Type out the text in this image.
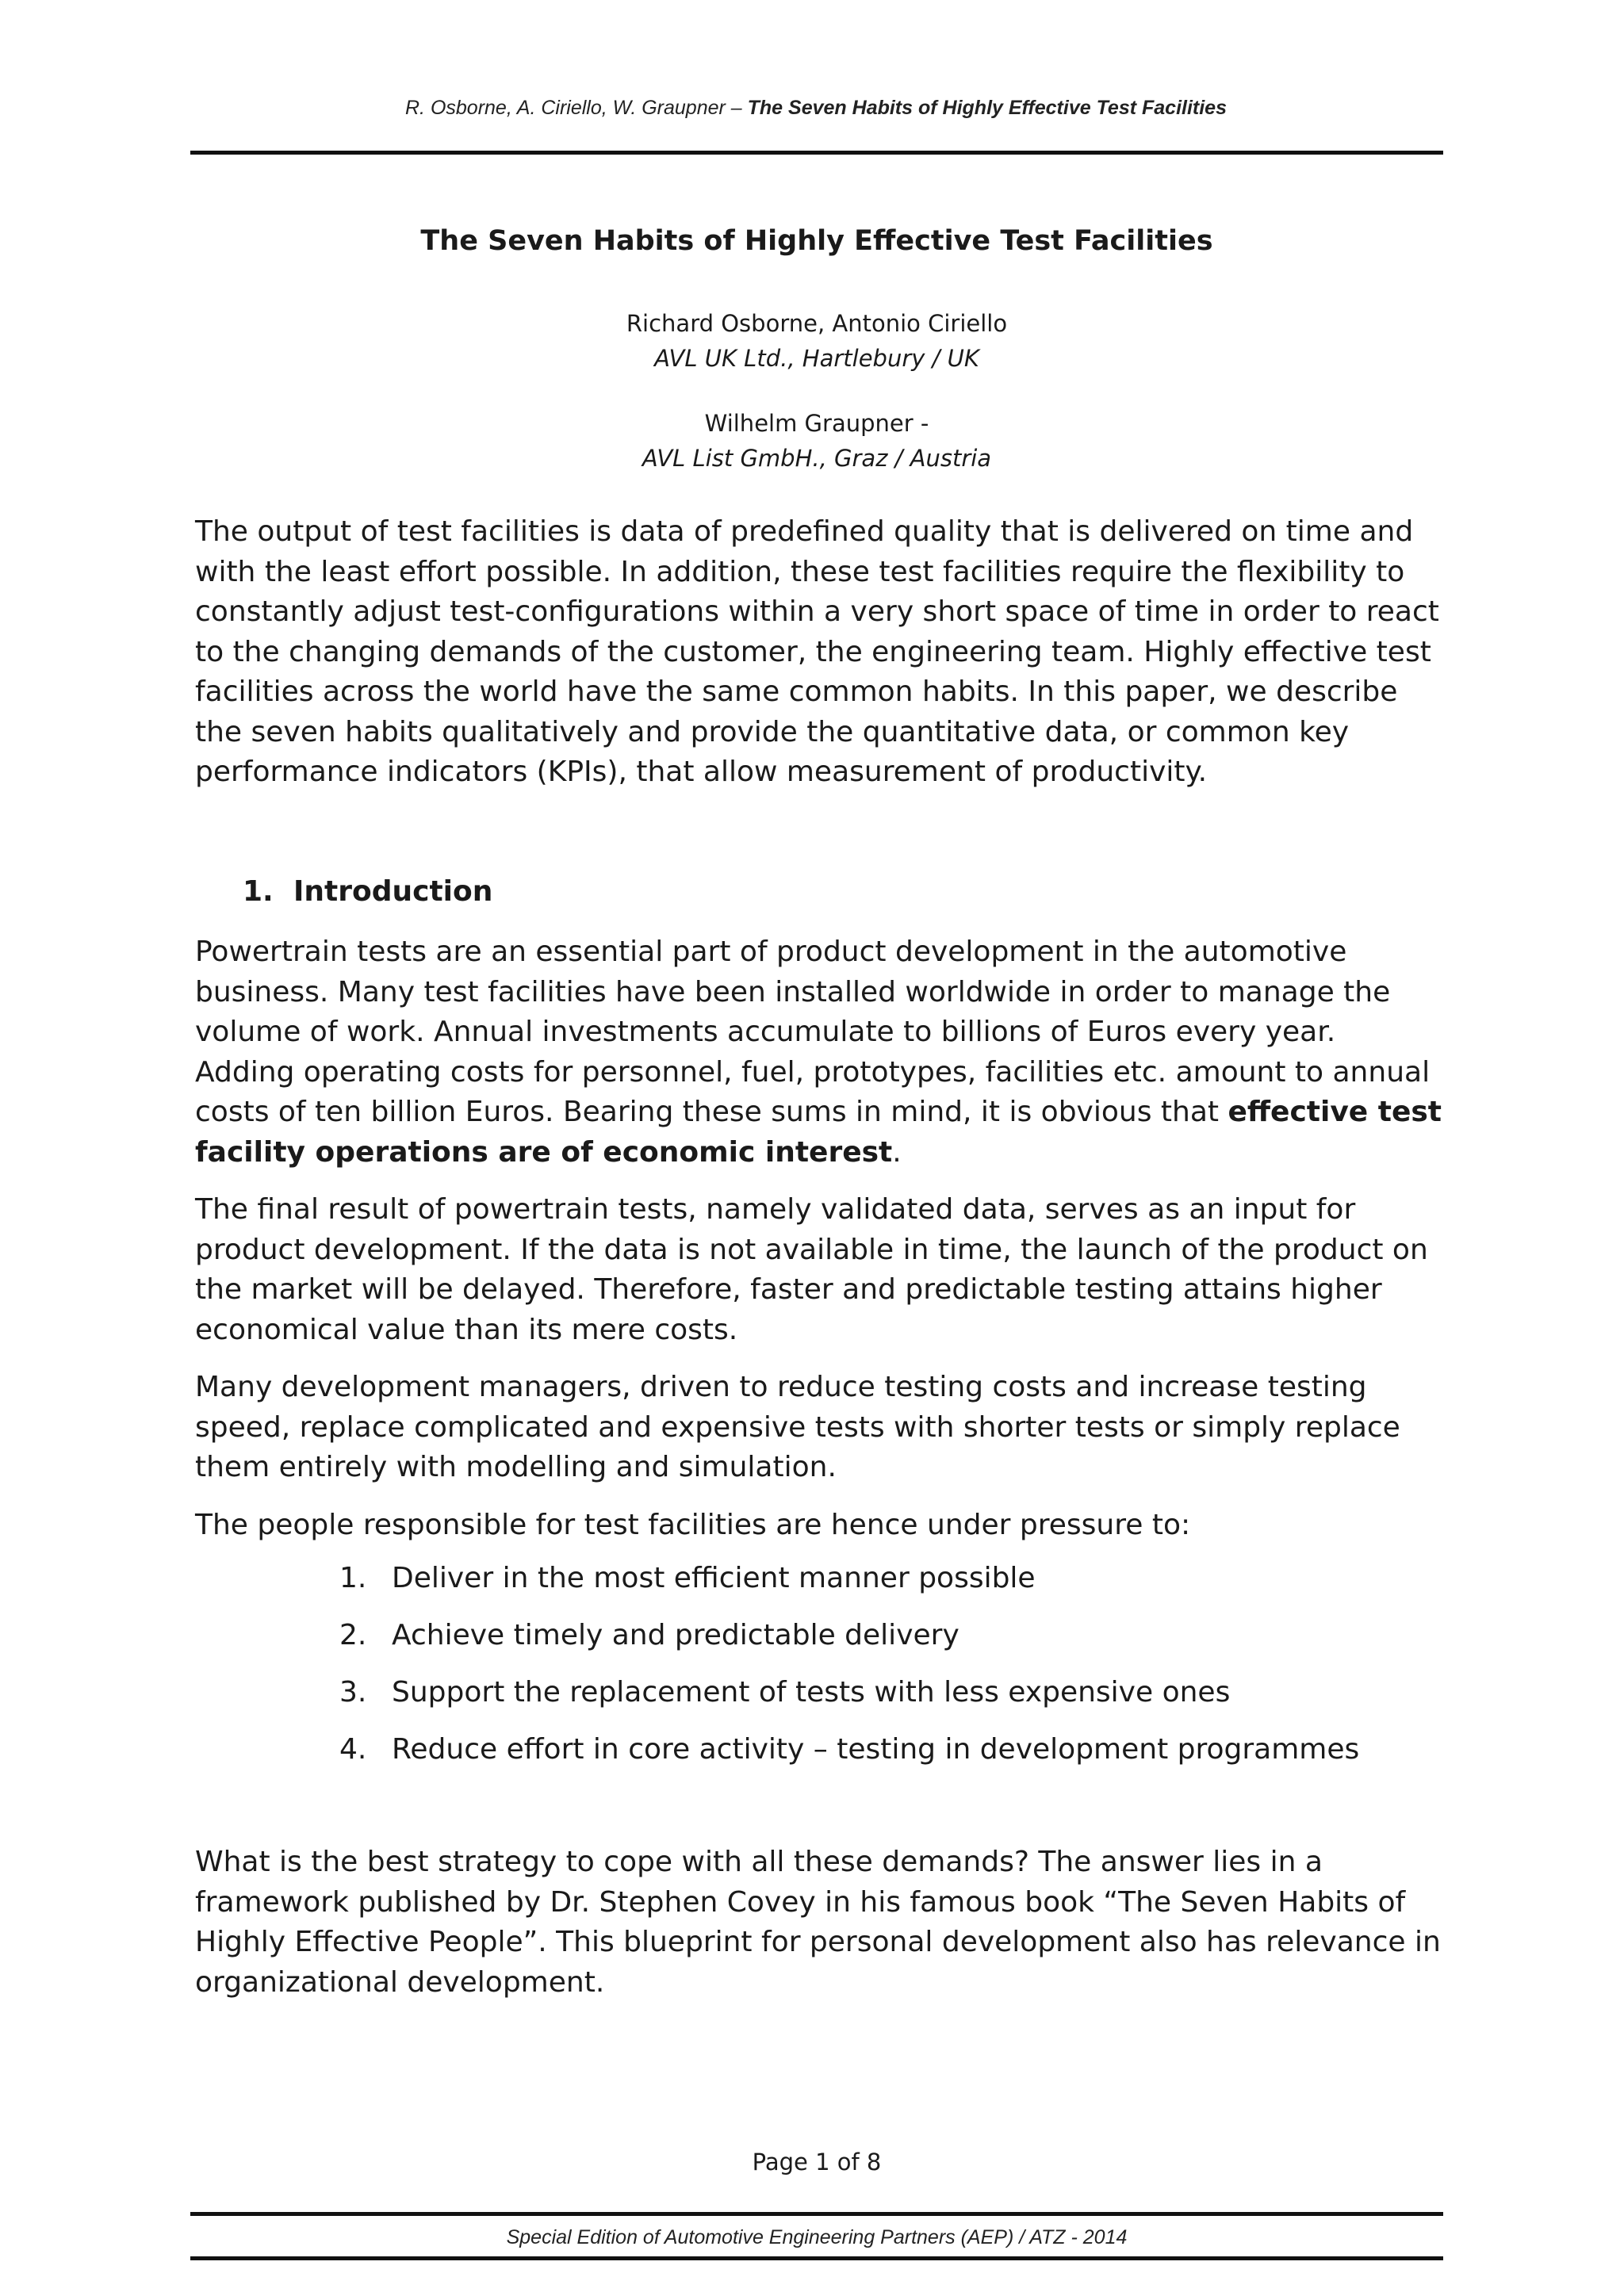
R. Osborne, A. Ciriello, W. Graupner – The Seven Habits of Highly Effective Test Facilities
The Seven Habits of Highly Effective Test Facilities
Richard Osborne, Antonio Ciriello
AVL UK Ltd., Hartlebury / UK
Wilhelm Graupner -
AVL List GmbH., Graz / Austria

The output of test facilities is data of predefined quality that is delivered on time and with the least effort possible. In addition, these test facilities require the flexibility to constantly adjust test-configurations within a very short space of time in order to react to the changing demands of the customer, the engineering team. Highly effective test facilities across the world have the same common habits. In this paper, we describe the seven habits qualitatively and provide the quantitative data, or common key performance indicators (KPIs), that allow measurement of productivity.

1. Introduction

Powertrain tests are an essential part of product development in the automotive business. Many test facilities have been installed worldwide in order to manage the volume of work. Annual investments accumulate to billions of Euros every year. Adding operating costs for personnel, fuel, prototypes, facilities etc. amount to annual costs of ten billion Euros. Bearing these sums in mind, it is obvious that effective test facility operations are of economic interest.

The final result of powertrain tests, namely validated data, serves as an input for product development. If the data is not available in time, the launch of the product on the market will be delayed. Therefore, faster and predictable testing attains higher economical value than its mere costs.

Many development managers, driven to reduce testing costs and increase testing speed, replace complicated and expensive tests with shorter tests or simply replace them entirely with modelling and simulation.

The people responsible for test facilities are hence under pressure to:

1. Deliver in the most efficient manner possible
2. Achieve timely and predictable delivery
3. Support the replacement of tests with less expensive ones
4. Reduce effort in core activity – testing in development programmes

What is the best strategy to cope with all these demands? The answer lies in a framework published by Dr. Stephen Covey in his famous book “The Seven Habits of Highly Effective People”. This blueprint for personal development also has relevance in organizational development.

Page 1 of 8
Special Edition of Automotive Engineering Partners (AEP) / ATZ - 2014
